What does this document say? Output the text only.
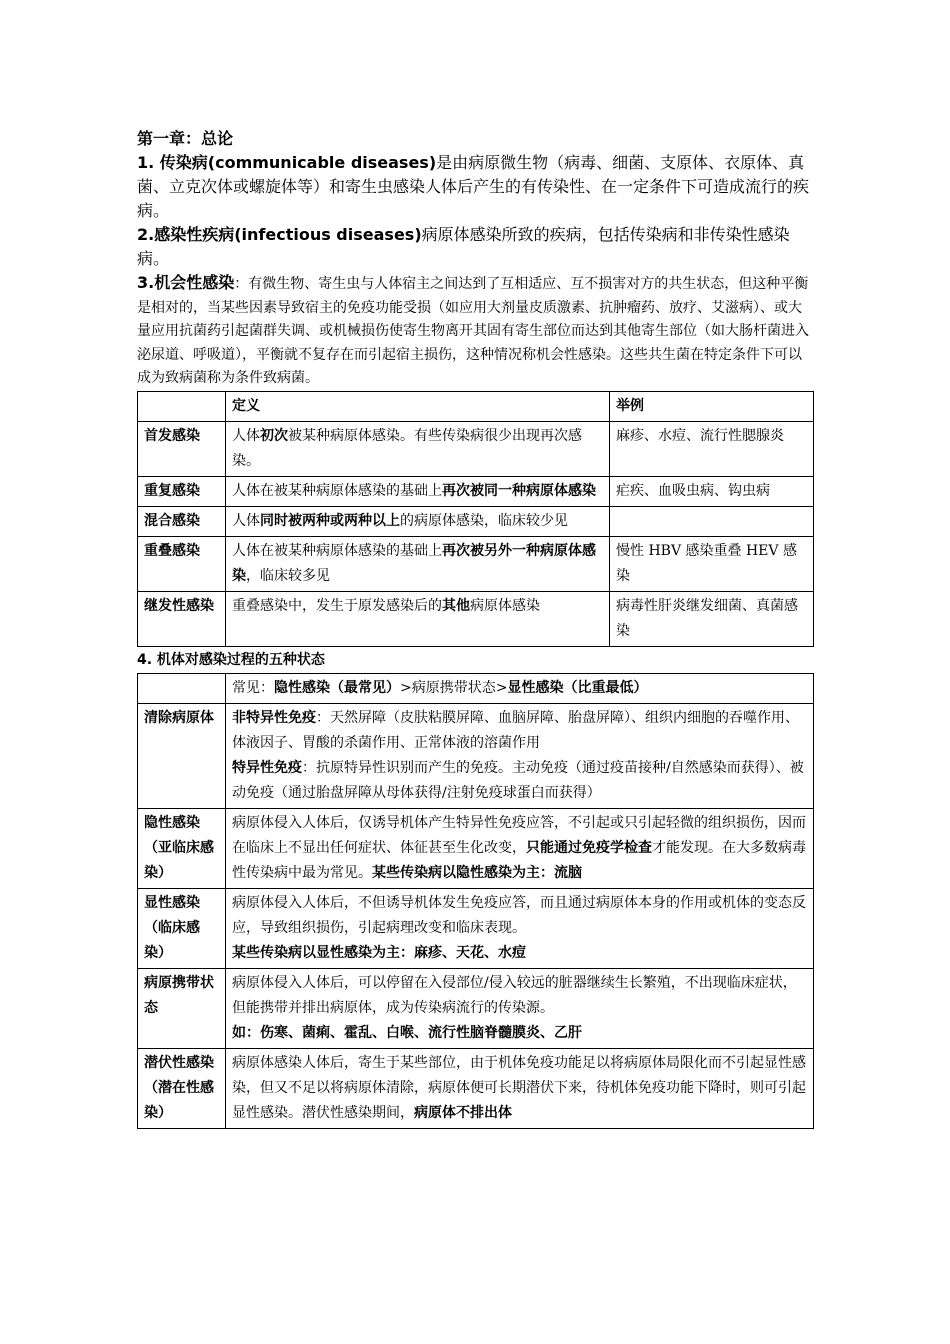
第一章：总论

1. 传染病(communicable diseases)是由病原微生物（病毒、细菌、支原体、衣原体、真菌、立克次体或螺旋体等）和寄生虫感染人体后产生的有传染性、在一定条件下可造成流行的疾病。

2.感染性疾病(infectious diseases)病原体感染所致的疾病，包括传染病和非传染性感染病。

3.机会性感染：有微生物、寄生虫与人体宿主之间达到了互相适应、互不损害对方的共生状态，但这种平衡是相对的，当某些因素导致宿主的免疫功能受损（如应用大剂量皮质激素、抗肿瘤药、放疗、艾滋病）、或大量应用抗菌药引起菌群失调、或机械损伤使寄生物离开其固有寄生部位而达到其他寄生部位（如大肠杆菌进入泌尿道、呼吸道），平衡就不复存在而引起宿主损伤，这种情况称机会性感染。这些共生菌在特定条件下可以成为致病菌称为条件致病菌。

	定义	举例
首发感染	人体初次被某种病原体感染。有些传染病很少出现再次感染。	麻疹、水痘、流行性腮腺炎
重复感染	人体在被某种病原体感染的基础上再次被同一种病原体感染	疟疾、血吸虫病、钩虫病
混合感染	人体同时被两种或两种以上的病原体感染，临床较少见	
重叠感染	人体在被某种病原体感染的基础上再次被另外一种病原体感染，临床较多见	慢性 HBV 感染重叠 HEV 感染
继发性感染	重叠感染中，发生于原发感染后的其他病原体感染	病毒性肝炎继发细菌、真菌感染

4. 机体对感染过程的五种状态

	常见：隐性感染（最常见）>病原携带状态>显性感染（比重最低）
清除病原体	非特异性免疫：天然屏障（皮肤粘膜屏障、血脑屏障、胎盘屏障）、组织内细胞的吞噬作用、体液因子、胃酸的杀菌作用、正常体液的溶菌作用
特异性免疫：抗原特异性识别而产生的免疫。主动免疫（通过疫苗接种/自然感染而获得）、被动免疫（通过胎盘屏障从母体获得/注射免疫球蛋白而获得）

隐性感染（亚临床感染）	病原体侵入人体后，仅诱导机体产生特异性免疫应答，不引起或只引起轻微的组织损伤，因而在临床上不显出任何症状、体征甚至生化改变，只能通过免疫学检查才能发现。在大多数病毒性传染病中最为常见。某些传染病以隐性感染为主：流脑
显性感染（临床感染）	病原体侵入人体后，不但诱导机体发生免疫应答，而且通过病原体本身的作用或机体的变态反应，导致组织损伤，引起病理改变和临床表现。
某些传染病以显性感染为主：麻疹、天花、水痘

病原携带状态	病原体侵入人体后，可以停留在入侵部位/侵入较远的脏器继续生长繁殖，不出现临床症状，但能携带并排出病原体，成为传染病流行的传染源。
如：伤寒、菌痢、霍乱、白喉、流行性脑脊髓膜炎、乙肝

潜伏性感染（潜在性感染）	病原体感染人体后，寄生于某些部位，由于机体免疫功能足以将病原体局限化而不引起显性感染，但又不足以将病原体清除，病原体便可长期潜伏下来，待机体免疫功能下降时，则可引起显性感染。潜伏性感染期间，病原体不排出体
